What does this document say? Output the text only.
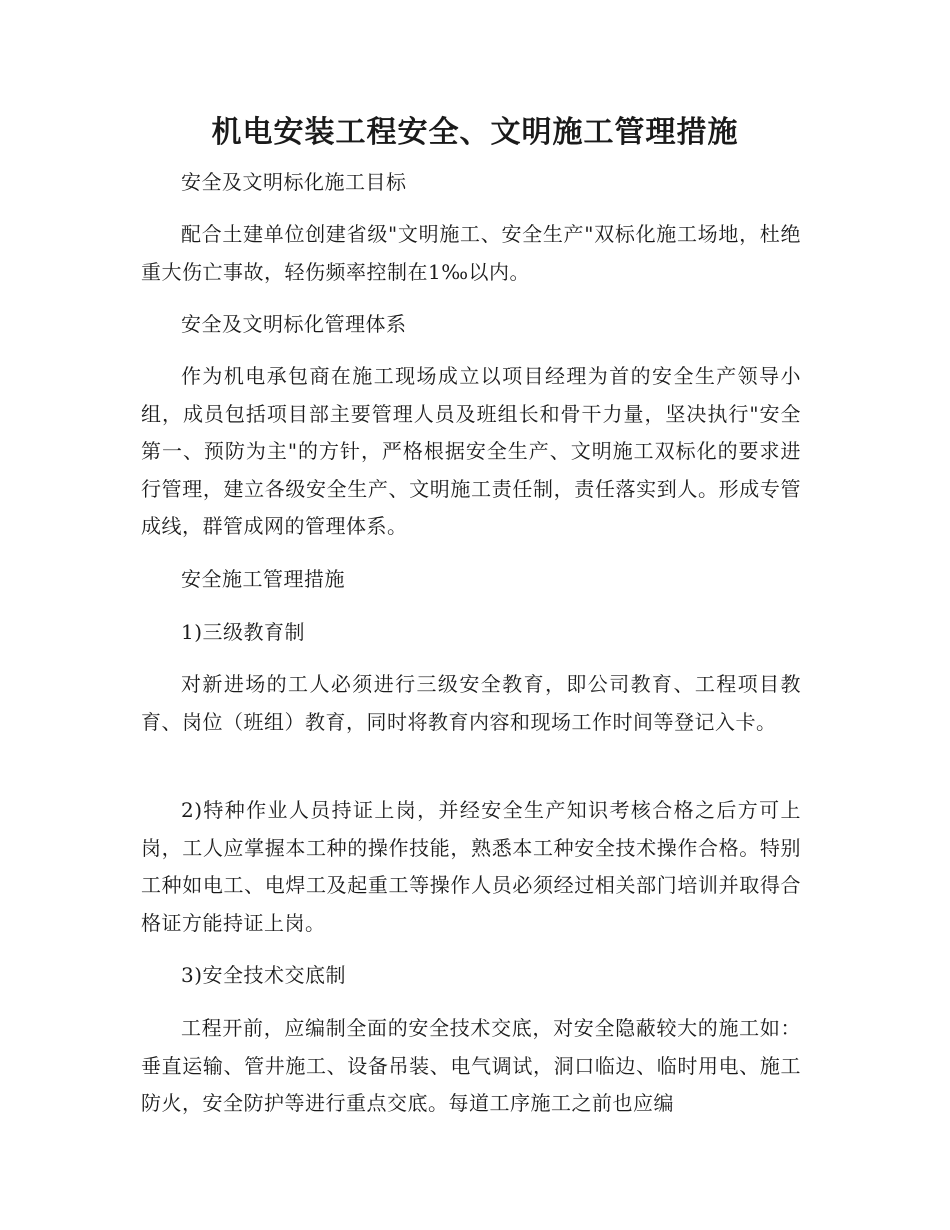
机电安装工程安全、文明施工管理措施

安全及文明标化施工目标

配合土建单位创建省级"文明施工、安全生产"双标化施工场地，杜绝重大伤亡事故，轻伤频率控制在1‰以内。

安全及文明标化管理体系

作为机电承包商在施工现场成立以项目经理为首的安全生产领导小组，成员包括项目部主要管理人员及班组长和骨干力量，坚决执行"安全第一、预防为主"的方针，严格根据安全生产、文明施工双标化的要求进行管理，建立各级安全生产、文明施工责任制，责任落实到人。形成专管成线，群管成网的管理体系。

安全施工管理措施

1)三级教育制

对新进场的工人必须进行三级安全教育，即公司教育、工程项目教育、岗位（班组）教育，同时将教育内容和现场工作时间等登记入卡。

2)特种作业人员持证上岗，并经安全生产知识考核合格之后方可上岗，工人应掌握本工种的操作技能，熟悉本工种安全技术操作合格。特别工种如电工、电焊工及起重工等操作人员必须经过相关部门培训并取得合格证方能持证上岗。

3)安全技术交底制

工程开前，应编制全面的安全技术交底，对安全隐蔽较大的施工如：垂直运输、管井施工、设备吊装、电气调试，洞口临边、临时用电、施工防火，安全防护等进行重点交底。每道工序施工之前也应编
